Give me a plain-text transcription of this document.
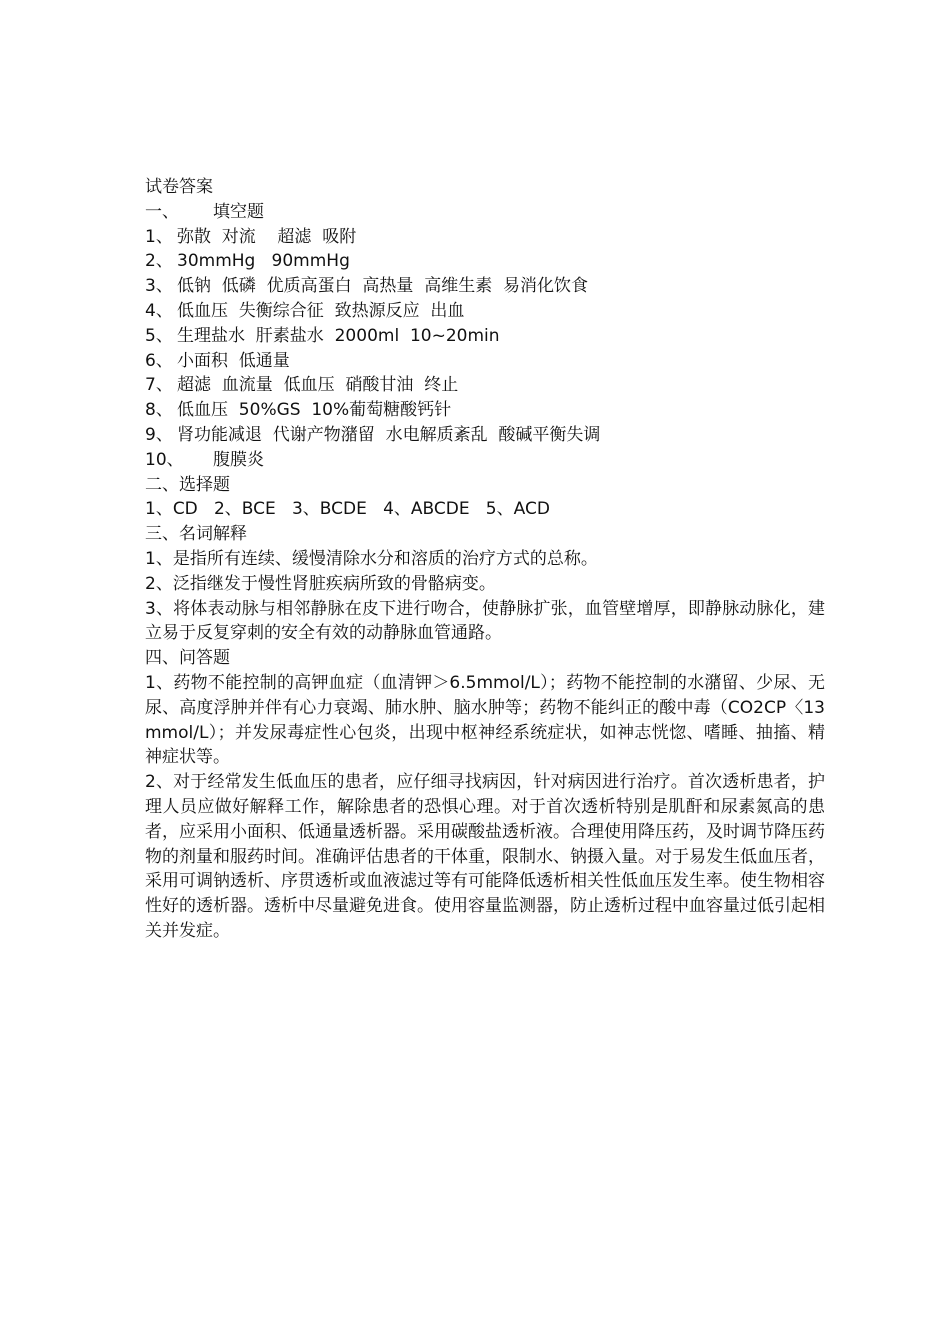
试卷答案
一、 填空题
1、 弥散  对流    超滤  吸附
2、 30mmHg   90mmHg
3、 低钠  低磷  优质高蛋白  高热量  高维生素  易消化饮食
4、 低血压  失衡综合征  致热源反应  出血
5、 生理盐水  肝素盐水  2000ml  10~20min
6、 小面积  低通量
7、 超滤  血流量  低血压  硝酸甘油  终止
8、 低血压  50%GS  10%葡萄糖酸钙针
9、 肾功能减退  代谢产物潴留  水电解质紊乱  酸碱平衡失调
10、 腹膜炎
二、选择题
1、CD   2、BCE   3、BCDE   4、ABCDE   5、ACD
三、名词解释
1、是指所有连续、缓慢清除水分和溶质的治疗方式的总称。
2、泛指继发于慢性肾脏疾病所致的骨骼病变。
3、将体表动脉与相邻静脉在皮下进行吻合，使静脉扩张，血管壁增厚，即静脉动脉化，建立易于反复穿刺的安全有效的动静脉血管通路。
四、问答题
1、药物不能控制的高钾血症（血清钾＞6.5mmol/L）；药物不能控制的水潴留、少尿、无尿、高度浮肿并伴有心力衰竭、肺水肿、脑水肿等；药物不能纠正的酸中毒（CO2CP〈13 mmol/L）；并发尿毒症性心包炎，出现中枢神经系统症状，如神志恍惚、嗜睡、抽搐、精神症状等。
2、对于经常发生低血压的患者，应仔细寻找病因，针对病因进行治疗。首次透析患者，护理人员应做好解释工作，解除患者的恐惧心理。对于首次透析特别是肌酐和尿素氮高的患者，应采用小面积、低通量透析器。采用碳酸盐透析液。合理使用降压药，及时调节降压药物的剂量和服药时间。准确评估患者的干体重，限制水、钠摄入量。对于易发生低血压者，采用可调钠透析、序贯透析或血液滤过等有可能降低透析相关性低血压发生率。使生物相容性好的透析器。透析中尽量避免进食。使用容量监测器，防止透析过程中血容量过低引起相关并发症。
